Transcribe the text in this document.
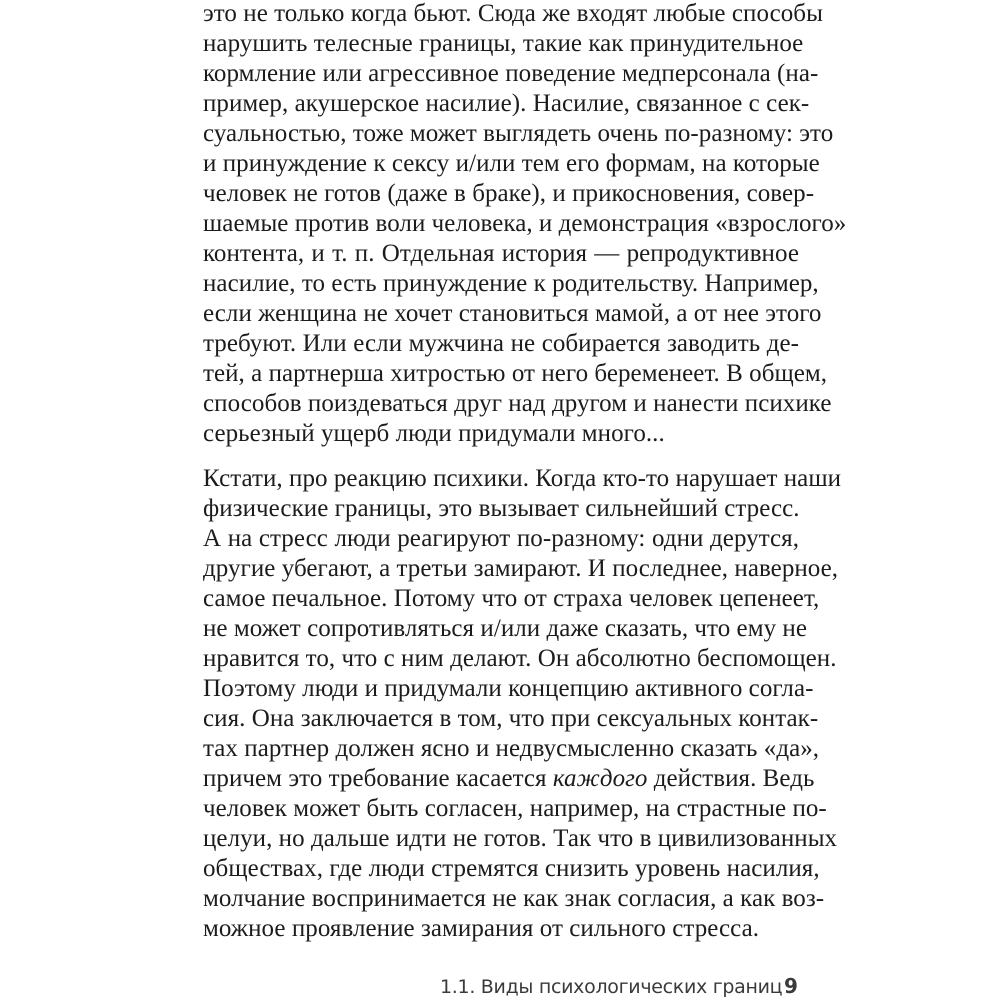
это не только когда бьют. Сюда же входят любые способы
нарушить телесные границы, такие как принудительное
кормление или агрессивное поведение медперсонала (на-
пример, акушерское насилие). Насилие, связанное с сек-
суальностью, тоже может выглядеть очень по-разному: это
и принуждение к сексу и/или тем его формам, на которые
человек не готов (даже в браке), и прикосновения, совер-
шаемые против воли человека, и демонстрация «взрослого»
контента, и т. п. Отдельная история — репродуктивное
насилие, то есть принуждение к родительству. Например,
если женщина не хочет становиться мамой, а от нее этого
требуют. Или если мужчина не собирается заводить де-
тей, а партнерша хитростью от него беременеет. В общем,
способов поиздеваться друг над другом и нанести психике
серьезный ущерб люди придумали много...
Кстати, про реакцию психики. Когда кто-то нарушает наши
физические границы, это вызывает сильнейший стресс.
А на стресс люди реагируют по-разному: одни дерутся,
другие убегают, а третьи замирают. И последнее, наверное,
самое печальное. Потому что от страха человек цепенеет,
не может сопротивляться и/или даже сказать, что ему не
нравится то, что с ним делают. Он абсолютно беспомощен.
Поэтому люди и придумали концепцию активного согла-
сия. Она заключается в том, что при сексуальных контак-
тах партнер должен ясно и недвусмысленно сказать «да»,
причем это требование касается каждого действия. Ведь
человек может быть согласен, например, на страстные по-
целуи, но дальше идти не готов. Так что в цивилизованных
обществах, где люди стремятся снизить уровень насилия,
молчание воспринимается не как знак согласия, а как воз-
можное проявление замирания от сильного стресса.
1.1. Виды психологических границ 9
